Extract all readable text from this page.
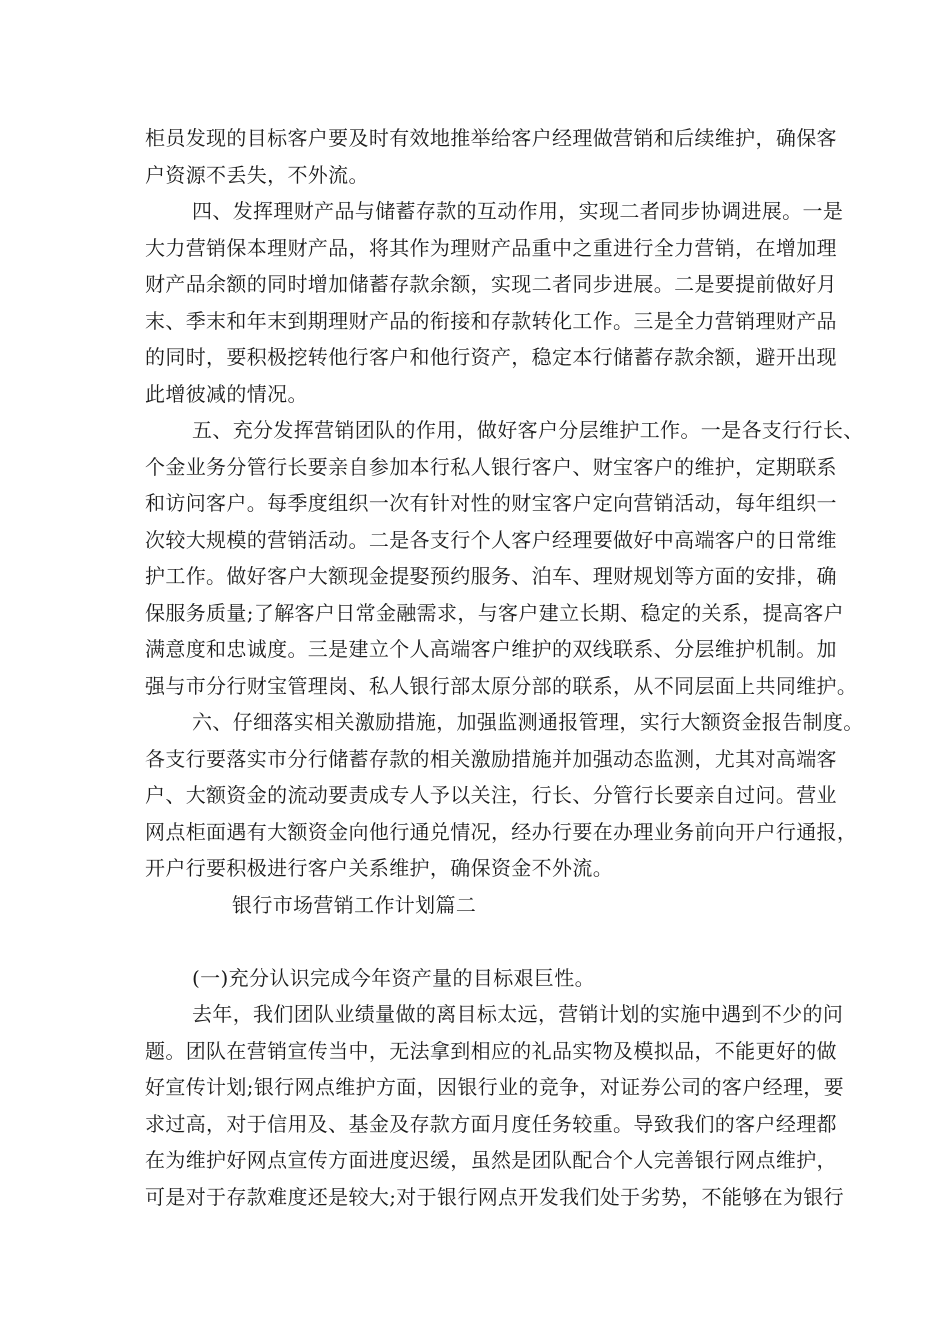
柜员发现的目标客户要及时有效地推举给客户经理做营销和后续维护，确保客
户资源不丢失，不外流。
四、发挥理财产品与储蓄存款的互动作用，实现二者同步协调进展。一是
大力营销保本理财产品，将其作为理财产品重中之重进行全力营销，在增加理
财产品余额的同时增加储蓄存款余额，实现二者同步进展。二是要提前做好月
末、季末和年末到期理财产品的衔接和存款转化工作。三是全力营销理财产品
的同时，要积极挖转他行客户和他行资产，稳定本行储蓄存款余额，避开出现
此增彼减的情况。
五、充分发挥营销团队的作用，做好客户分层维护工作。一是各支行行长、
个金业务分管行长要亲自参加本行私人银行客户、财宝客户的维护，定期联系
和访问客户。每季度组织一次有针对性的财宝客户定向营销活动，每年组织一
次较大规模的营销活动。二是各支行个人客户经理要做好中高端客户的日常维
护工作。做好客户大额现金提娶预约服务、泊车、理财规划等方面的安排，确
保服务质量;了解客户日常金融需求，与客户建立长期、稳定的关系，提高客户
满意度和忠诚度。三是建立个人高端客户维护的双线联系、分层维护机制。加
强与市分行财宝管理岗、私人银行部太原分部的联系，从不同层面上共同维护。
六、仔细落实相关激励措施，加强监测通报管理，实行大额资金报告制度。
各支行要落实市分行储蓄存款的相关激励措施并加强动态监测，尤其对高端客
户、大额资金的流动要责成专人予以关注，行长、分管行长要亲自过问。营业
网点柜面遇有大额资金向他行通兑情况，经办行要在办理业务前向开户行通报，
开户行要积极进行客户关系维护，确保资金不外流。
银行市场营销工作计划篇二
(一)充分认识完成今年资产量的目标艰巨性。
去年，我们团队业绩量做的离目标太远，营销计划的实施中遇到不少的问
题。团队在营销宣传当中，无法拿到相应的礼品实物及模拟品，不能更好的做
好宣传计划;银行网点维护方面，因银行业的竞争，对证券公司的客户经理，要
求过高，对于信用及、基金及存款方面月度任务较重。导致我们的客户经理都
在为维护好网点宣传方面进度迟缓，虽然是团队配合个人完善银行网点维护，
可是对于存款难度还是较大;对于银行网点开发我们处于劣势，不能够在为银行
